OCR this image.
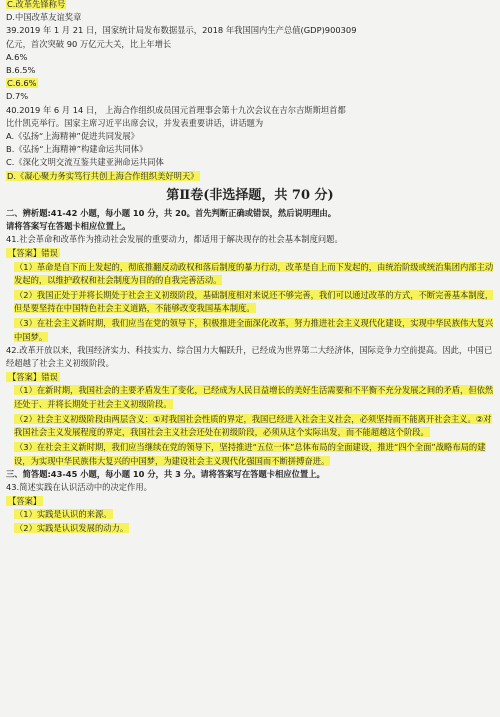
C.改革先锋称号
D.中国改革友谊奖章
39.2019 年 1 月 21 日，国家统计局发布数据显示，2018 年我国国内生产总值(GDP)900309
亿元，首次突破 90 万亿元大关，比上年增长
A.6%
B.6.5%
C.6.6%
D.7%
40.2019 年 6 月 14 日， 上海合作组织成员国元首理事会第十九次会议在吉尔吉斯斯坦首都
比什凯克举行。国家主席习近平出席会议，并发表重要讲话，讲话题为
A.《弘扬“上海精神”促进共同发展》
B.《弘扬“上海精神”构建命运共同体》
C.《深化文明交流互鉴共建亚洲命运共同体
D.《凝心聚力务实笃行共创上海合作组织美好明天》
第Ⅱ卷(非选择题，共 70 分)
二、辨析题:41-42 小题，每小题 10 分，共 20。首先判断正确或错误，然后说明理由。
请将答案写在答题卡相应位置上。
41.社会革命和改革作为推动社会发展的重要动力，都适用于解决现存的社会基本制度问题。
【答案】错误
（1）革命是自下而上发起的，彻底推翻反动政权和落后制度的暴力行动，改革是自上而下发起的，由统治阶级或统治集团内部主动发起的，以维护政权和社会制度为目的的自我完善活动。
（2）我国正处于并将长期处于社会主义初级阶段，基础制度相对来说还不够完善，我们可以通过改革的方式，不断完善基本制度，但是要坚持在中国特色社会主义道路，不能够改变我国基本制度。
（3）在社会主义新时期，我们应当在党的领导下，积极推进全面深化改革，努力推进社会主义现代化建设，实现中华民族伟大复兴中国梦。
42.改革开放以来，我国经济实力、科技实力、综合国力大幅跃升，已经成为世界第二大经济体，国际竞争力空前提高。因此，中国已经超越了社会主义初级阶段。
【答案】错误
（1）在新时期，我国社会的主要矛盾发生了变化，已经成为人民日益增长的美好生活需要和不平衡不充分发展之间的矛盾，但依然还处于、并将长期处于社会主义初级阶段。
（2）社会主义初级阶段由两层含义：①对我国社会性质的界定，我国已经进入社会主义社会，必须坚持而不能离开社会主义。②对我国社会主义发展程度的界定，我国社会主义社会还处在初级阶段，必须从这个实际出发，而不能超越这个阶段。
（3）在社会主义新时期，我们应当继续在党的领导下，坚持推进“五位一体”总体布局的全面建设，推进“四个全面”战略布局的建设，为实现中华民族伟大复兴的中国梦，为建设社会主义现代化强国而不断拼搏奋进。
三、简答题:43-45 小题，每小题 10 分，共 3 分。请将答案写在答题卡相应位置上。
43.简述实践在认识活动中的决定作用。
【答案】
（1）实践是认识的来源。
（2）实践是认识发展的动力。
